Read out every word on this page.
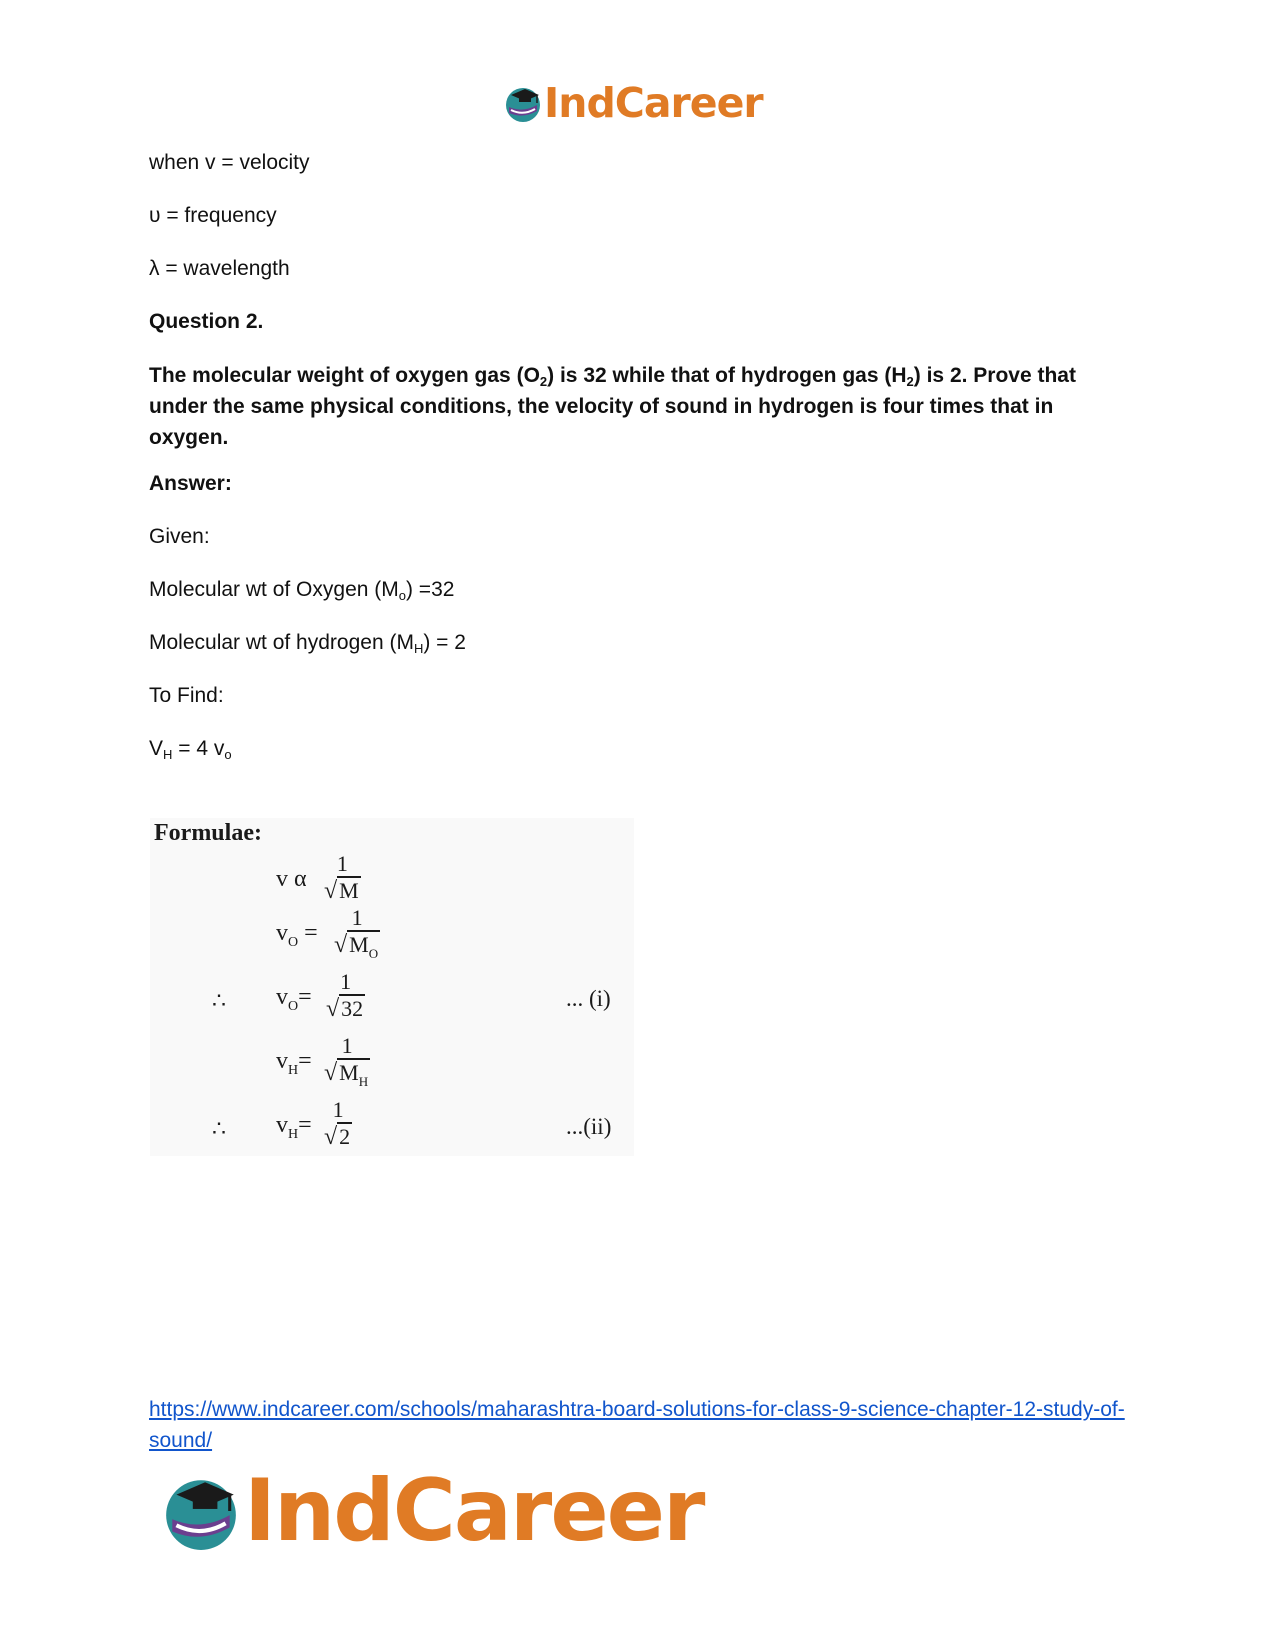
IndCareer
when v = velocity
υ = frequency
λ = wavelength
Question 2.
The molecular weight of oxygen gas $(O_2)$ is 32 while that of hydrogen gas $(H_2)$ is 2. Prove that under the same physical conditions, the velocity of sound in hydrogen is four times that in oxygen.
Answer:
Given:
Molecular wt of Oxygen $(M_o) =32$
Molecular wt of hydrogen $(M_H) = 2$
To Find:
$V_H = 4$ $v_o$
Formulae:
v α
1
√M
$v_O$ =
1
$√M_O$
∴ $v_O=$
1
√32	... (i)
$v_H=$
1
$√M_H$
∴ $v_H=$
1
√2	...(ii)
https://www.indcareer.com/schools/maharashtra-board-solutions-for-class-9-science-chapter-12-study-of-sound/
IndCareer
